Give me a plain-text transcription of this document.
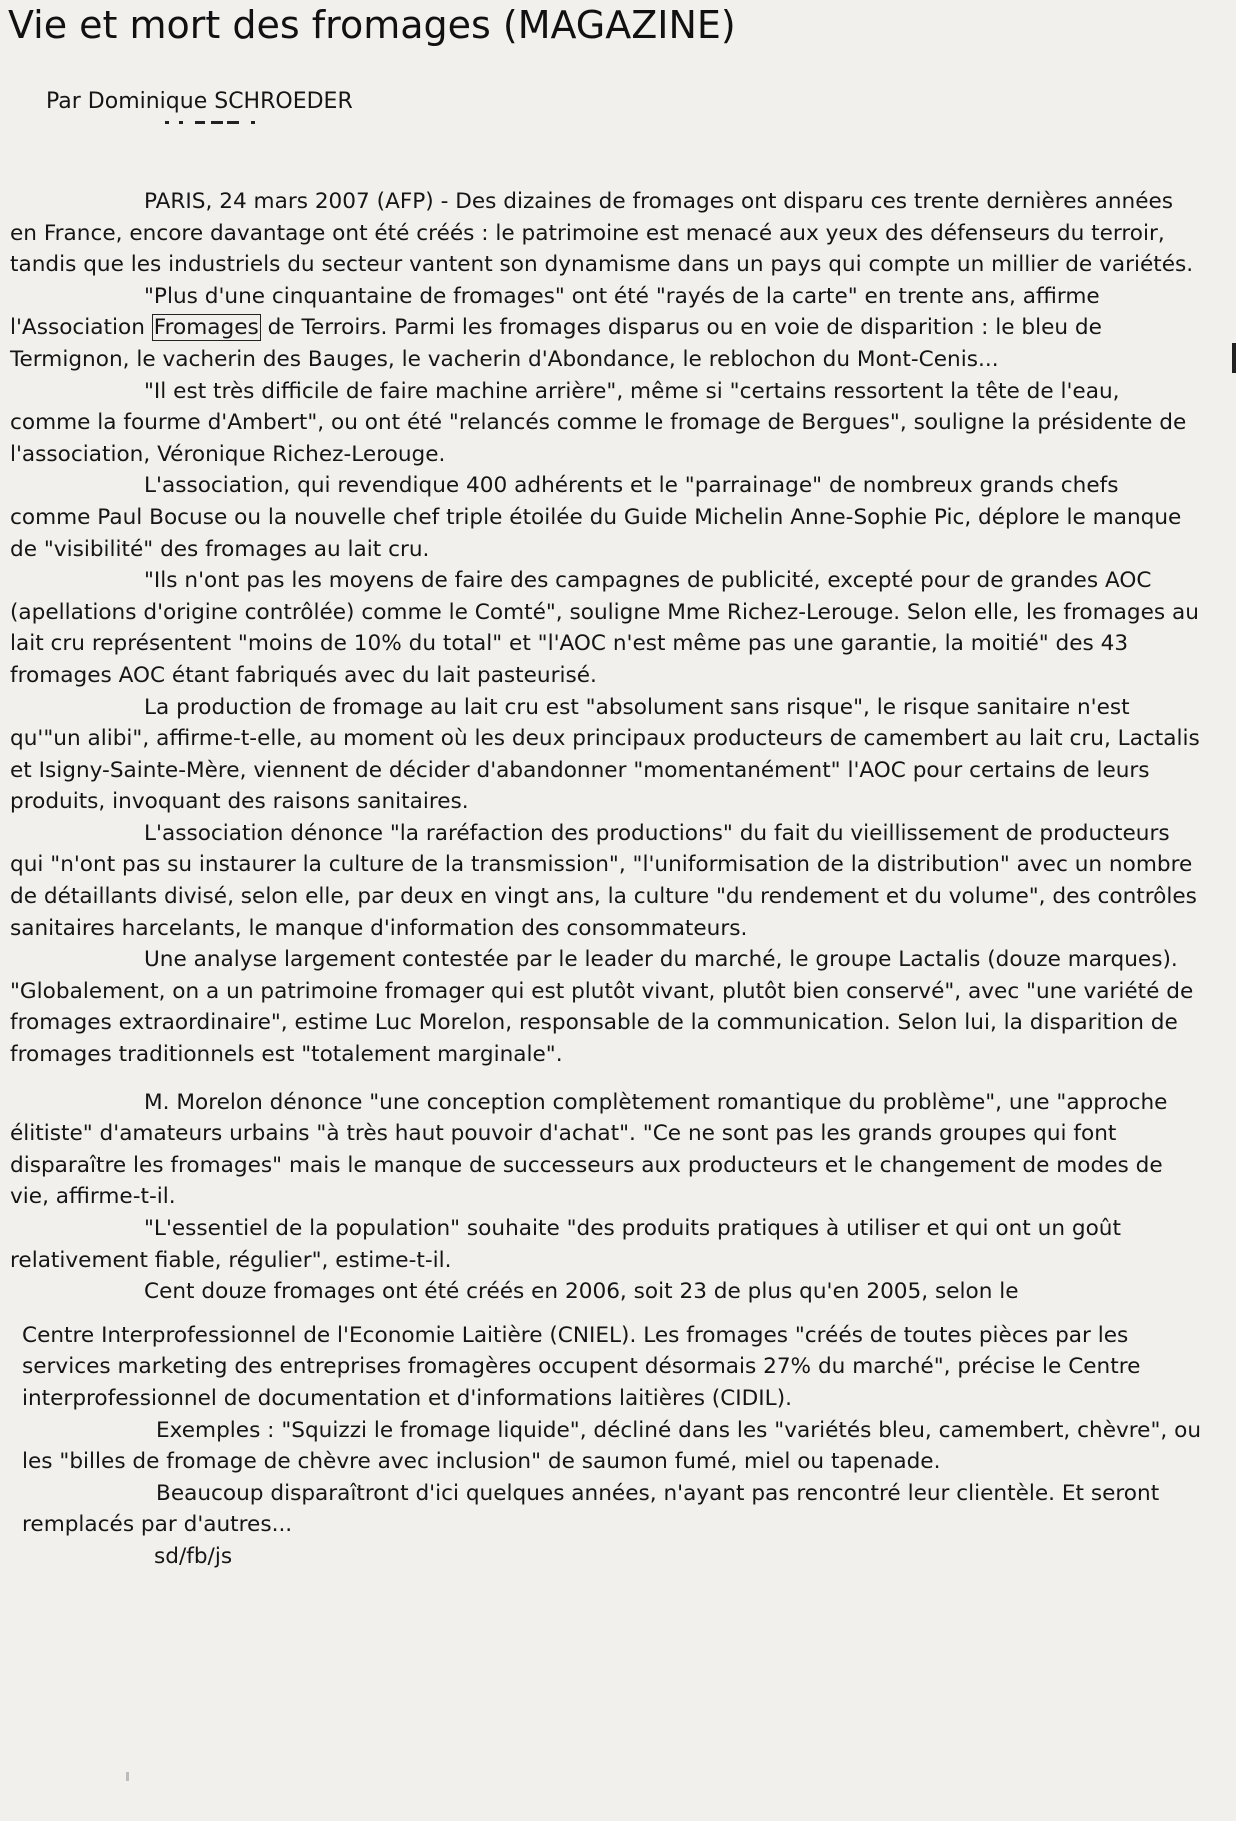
Vie et mort des fromages (MAGAZINE)
Par Dominique SCHROEDER

PARIS, 24 mars 2007 (AFP) - Des dizaines de fromages ont disparu ces trente dernières années en France, encore davantage ont été créés : le patrimoine est menacé aux yeux des défenseurs du terroir, tandis que les industriels du secteur vantent son dynamisme dans un pays qui compte un millier de variétés.

"Plus d'une cinquantaine de fromages" ont été "rayés de la carte" en trente ans, affirme l'Association Fromages de Terroirs. Parmi les fromages disparus ou en voie de disparition : le bleu de Termignon, le vacherin des Bauges, le vacherin d'Abondance, le reblochon du Mont-Cenis...

"Il est très difficile de faire machine arrière", même si "certains ressortent la tête de l'eau, comme la fourme d'Ambert", ou ont été "relancés comme le fromage de Bergues", souligne la présidente de l'association, Véronique Richez-Lerouge.

L'association, qui revendique 400 adhérents et le "parrainage" de nombreux grands chefs comme Paul Bocuse ou la nouvelle chef triple étoilée du Guide Michelin Anne-Sophie Pic, déplore le manque de "visibilité" des fromages au lait cru.

"Ils n'ont pas les moyens de faire des campagnes de publicité, excepté pour de grandes AOC (apellations d'origine contrôlée) comme le Comté", souligne Mme Richez-Lerouge. Selon elle, les fromages au lait cru représentent "moins de 10% du total" et "l'AOC n'est même pas une garantie, la moitié" des 43 fromages AOC étant fabriqués avec du lait pasteurisé.

La production de fromage au lait cru est "absolument sans risque", le risque sanitaire n'est qu'"un alibi", affirme-t-elle, au moment où les deux principaux producteurs de camembert au lait cru, Lactalis et Isigny-Sainte-Mère, viennent de décider d'abandonner "momentanément" l'AOC pour certains de leurs produits, invoquant des raisons sanitaires.

L'association dénonce "la raréfaction des productions" du fait du vieillissement de producteurs qui "n'ont pas su instaurer la culture de la transmission", "l'uniformisation de la distribution" avec un nombre de détaillants divisé, selon elle, par deux en vingt ans, la culture "du rendement et du volume", des contrôles sanitaires harcelants, le manque d'information des consommateurs.

Une analyse largement contestée par le leader du marché, le groupe Lactalis (douze marques). "Globalement, on a un patrimoine fromager qui est plutôt vivant, plutôt bien conservé", avec "une variété de fromages extraordinaire", estime Luc Morelon, responsable de la communication. Selon lui, la disparition de fromages traditionnels est "totalement marginale".

M. Morelon dénonce "une conception complètement romantique du problème", une "approche élitiste" d'amateurs urbains "à très haut pouvoir d'achat". "Ce ne sont pas les grands groupes qui font disparaître les fromages" mais le manque de successeurs aux producteurs et le changement de modes de vie, affirme-t-il.

"L'essentiel de la population" souhaite "des produits pratiques à utiliser et qui ont un goût relativement fiable, régulier", estime-t-il.

Cent douze fromages ont été créés en 2006, soit 23 de plus qu'en 2005, selon le

Centre Interprofessionnel de l'Economie Laitière (CNIEL). Les fromages "créés de toutes pièces par les services marketing des entreprises fromagères occupent désormais 27% du marché", précise le Centre interprofessionnel de documentation et d'informations laitières (CIDIL).

Exemples : "Squizzi le fromage liquide", décliné dans les "variétés bleu, camembert, chèvre", ou les "billes de fromage de chèvre avec inclusion" de saumon fumé, miel ou tapenade.

Beaucoup disparaîtront d'ici quelques années, n'ayant pas rencontré leur clientèle. Et seront remplacés par d'autres...

sd/fb/js
